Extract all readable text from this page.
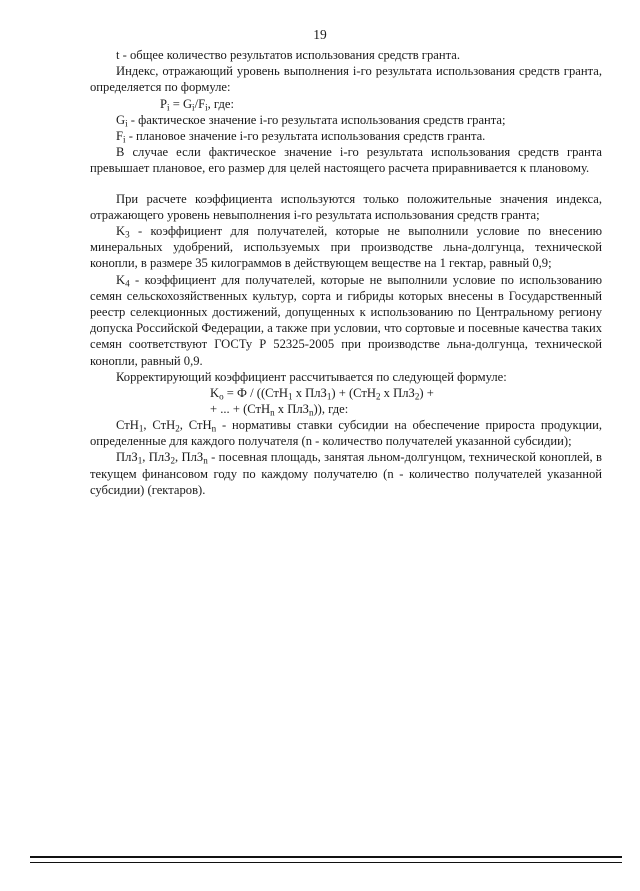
19

t - общее количество результатов использования средств гранта.

Индекс, отражающий уровень выполнения i-го результата использования средств гранта, определяется по формуле:

$P_i = G_i/F_i$, где:

$G_i$ - фактическое значение i-го результата использования средств гранта;

$F_i$ - плановое значение i-го результата использования средств гранта.

В случае если фактическое значение i-го результата использования средств гранта превышает плановое, его размер для целей настоящего расчета приравнивается к плановому.

При расчете коэффициента используются только положительные значения индекса, отражающего уровень невыполнения i-го результата использования средств гранта;

$K_3$ - коэффициент для получателей, которые не выполнили условие по внесению минеральных удобрений, используемых при производстве льна-долгунца, технической конопли, в размере 35 килограммов в действующем веществе на 1 гектар, равный 0,9;

$K_4$ - коэффициент для получателей, которые не выполнили условие по использованию семян сельскохозяйственных культур, сорта и гибриды которых внесены в Государственный реестр селекционных достижений, допущенных к использованию по Центральному региону допуска Российской Федерации, а также при условии, что сортовые и посевные качества таких семян соответствуют ГОСТу Р 52325-2005 при производстве льна-долгунца, технической конопли, равный 0,9.

Корректирующий коэффициент рассчитывается по следующей формуле:

$K_о = Ф / ((СтН_1$ х ПлЗ$_1$) + (СтН$_2$ х ПлЗ$_2$) +
+ ... + (СтН$_n$ х ПлЗ$_n$)), где:

СтН$_1$, СтН$_2$, СтН$_n$ - нормативы ставки субсидии на обеспечение прироста продукции, определенные для каждого получателя (n - количество получателей указанной субсидии);

ПлЗ$_1$, ПлЗ$_2$, ПлЗ$_n$ - посевная площадь, занятая льном-долгунцом, технической коноплей, в текущем финансовом году по каждому получателю (n - количество получателей указанной субсидии) (гектаров).
